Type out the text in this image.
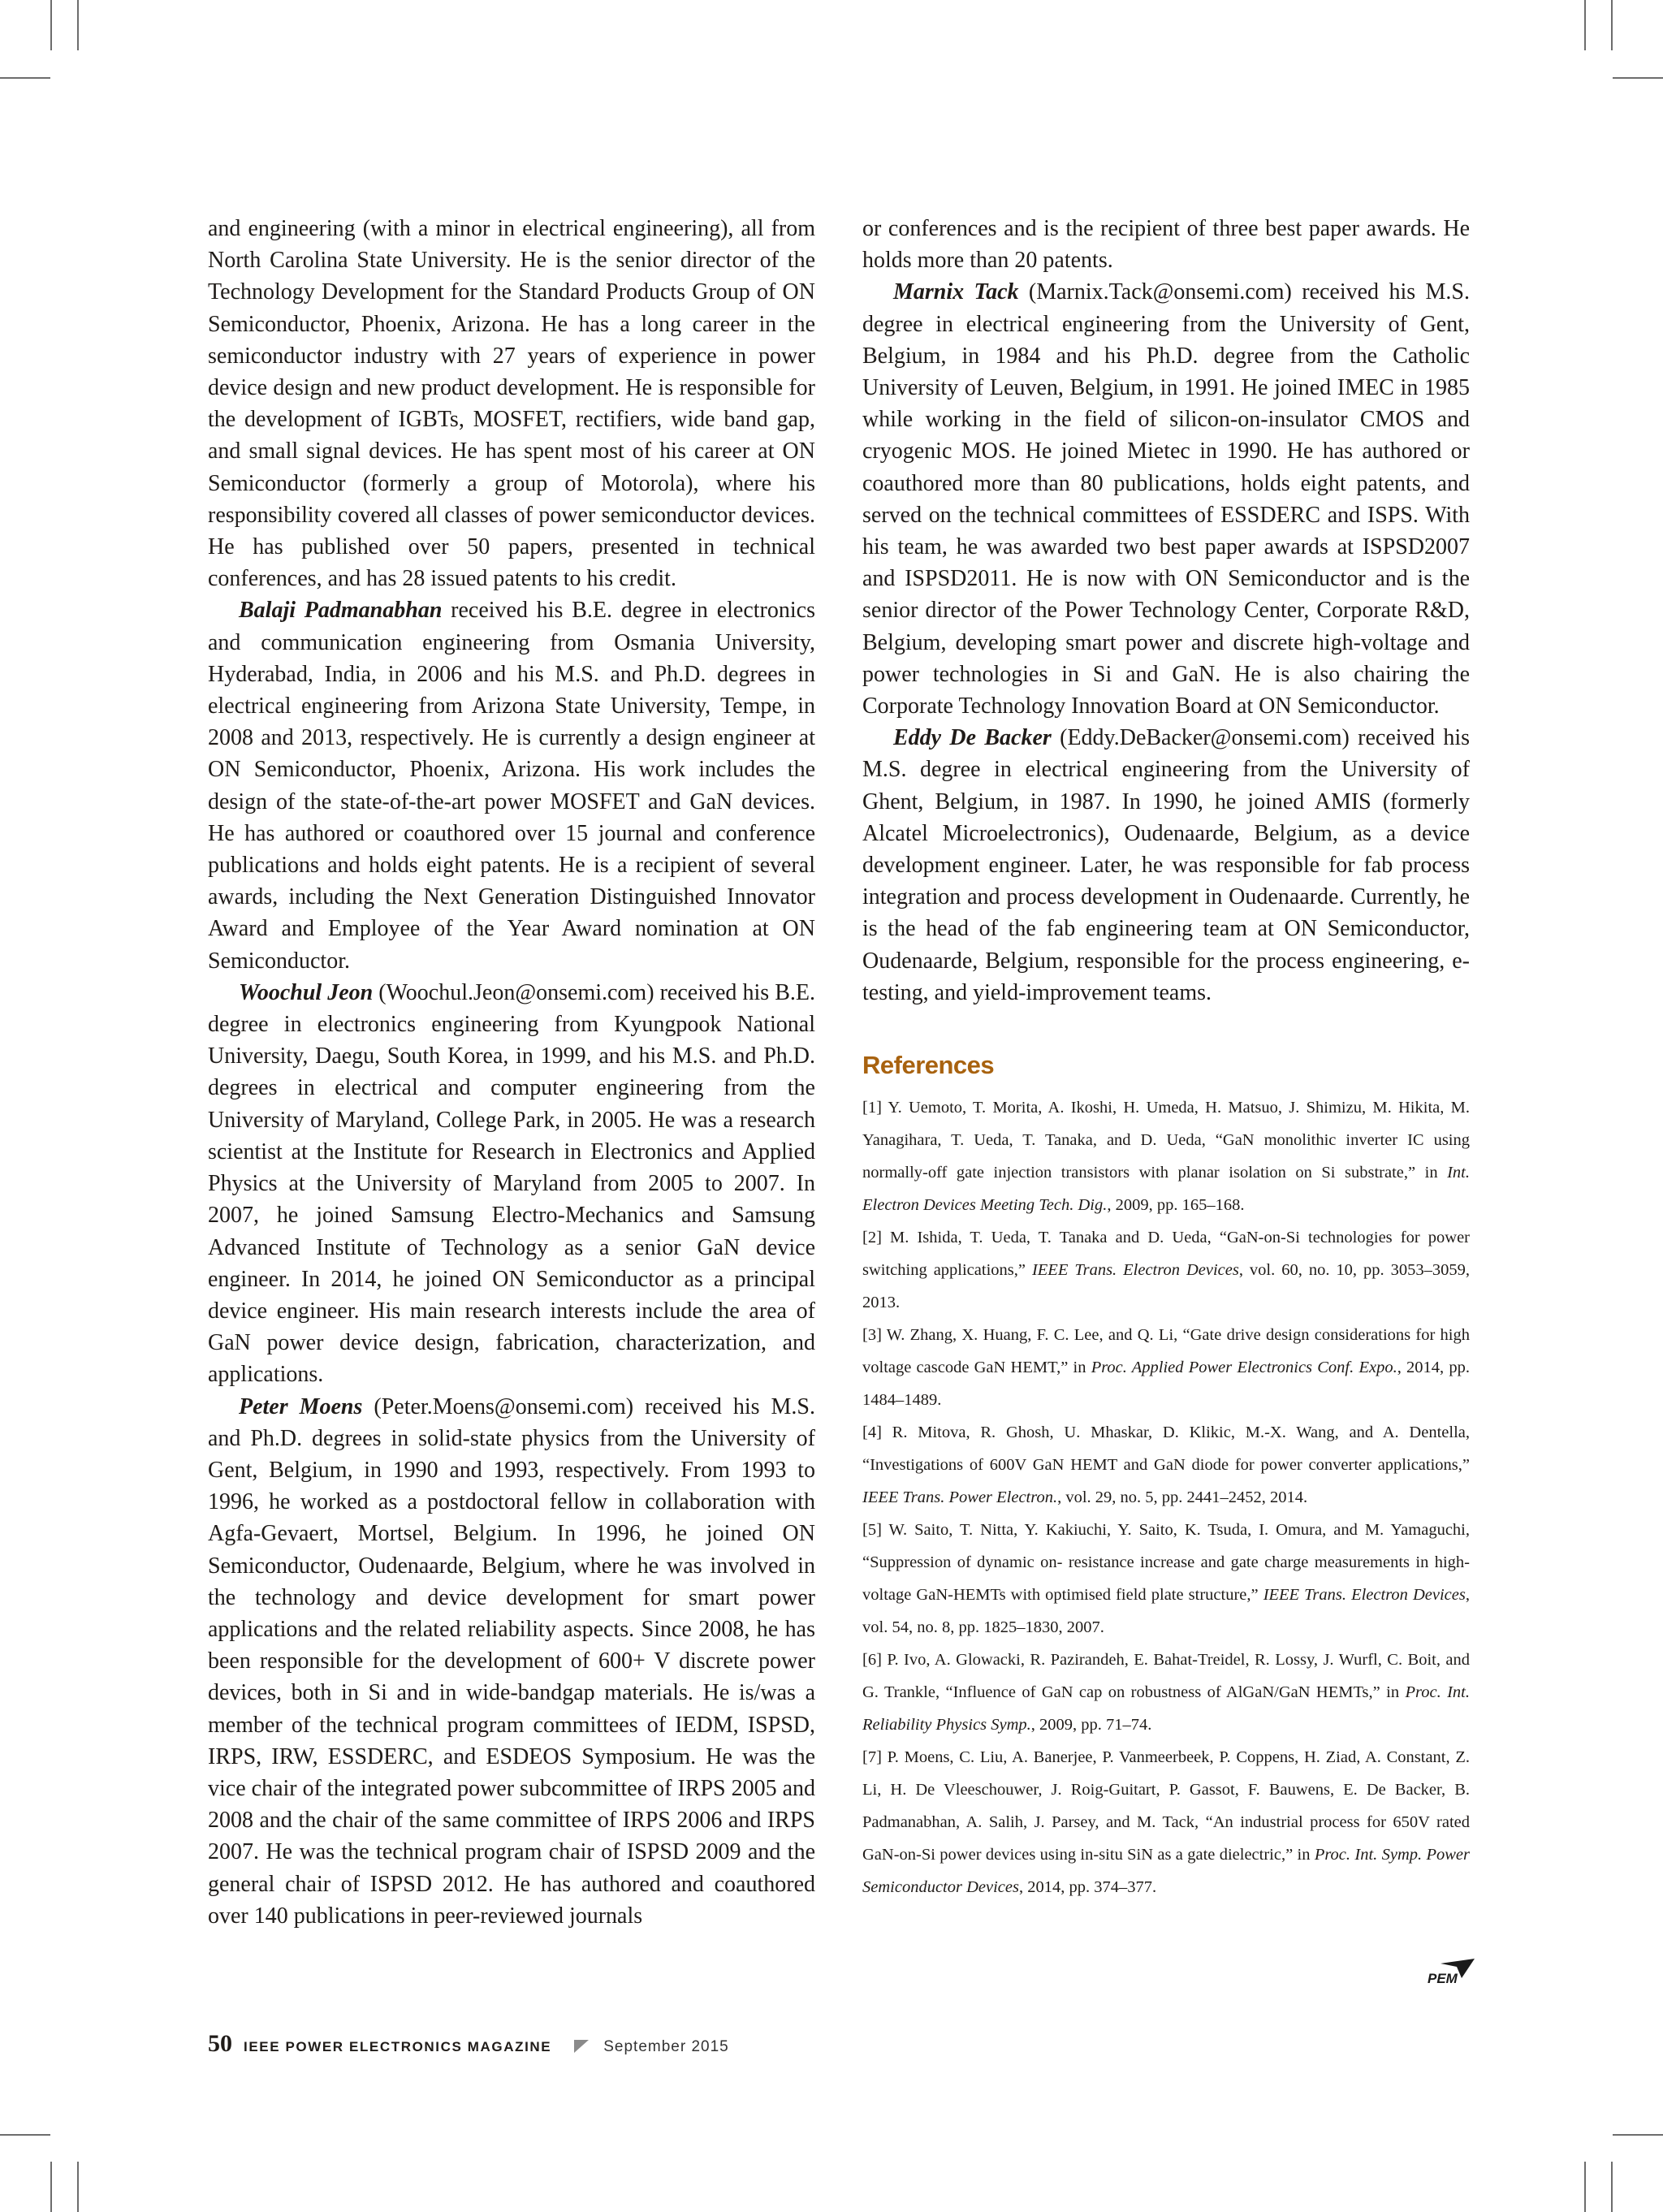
and engineering (with a minor in electrical engineering), all from North Carolina State University. He is the senior director of the Technology Development for the Standard Products Group of ON Semiconductor, Phoenix, Arizona. He has a long career in the semiconductor industry with 27 years of experience in power device design and new product development. He is responsible for the development of IGBTs, MOSFET, rectifiers, wide band gap, and small signal devices. He has spent most of his career at ON Semiconductor (formerly a group of Motorola), where his responsibility covered all classes of power semiconductor devices. He has published over 50 papers, presented in technical conferences, and has 28 issued patents to his credit.

Balaji Padmanabhan received his B.E. degree in electronics and communication engineering from Osmania University, Hyderabad, India, in 2006 and his M.S. and Ph.D. degrees in electrical engineering from Arizona State University, Tempe, in 2008 and 2013, respectively. He is currently a design engineer at ON Semiconductor, Phoenix, Arizona. His work includes the design of the state-of-the-art power MOSFET and GaN devices. He has authored or coauthored over 15 journal and conference publications and holds eight patents. He is a recipient of several awards, including the Next Generation Distinguished Innovator Award and Employee of the Year Award nomination at ON Semiconductor.

Woochul Jeon (Woochul.Jeon@onsemi.com) received his B.E. degree in electronics engineering from Kyungpook National University, Daegu, South Korea, in 1999, and his M.S. and Ph.D. degrees in electrical and computer engineering from the University of Maryland, College Park, in 2005. He was a research scientist at the Institute for Research in Electronics and Applied Physics at the University of Maryland from 2005 to 2007. In 2007, he joined Samsung Electro-Mechanics and Samsung Advanced Institute of Technology as a senior GaN device engineer. In 2014, he joined ON Semiconductor as a principal device engineer. His main research interests include the area of GaN power device design, fabrication, characterization, and applications.

Peter Moens (Peter.Moens@onsemi.com) received his M.S. and Ph.D. degrees in solid-state physics from the University of Gent, Belgium, in 1990 and 1993, respectively. From 1993 to 1996, he worked as a postdoctoral fellow in collaboration with Agfa-Gevaert, Mortsel, Belgium. In 1996, he joined ON Semiconductor, Oudenaarde, Belgium, where he was involved in the technology and device development for smart power applications and the related reliability aspects. Since 2008, he has been responsible for the development of 600+ V discrete power devices, both in Si and in wide-bandgap materials. He is/was a member of the technical program committees of IEDM, ISPSD, IRPS, IRW, ESSDERC, and ESDEOS Symposium. He was the vice chair of the integrated power subcommittee of IRPS 2005 and 2008 and the chair of the same committee of IRPS 2006 and IRPS 2007. He was the technical program chair of ISPSD 2009 and the general chair of ISPSD 2012. He has authored and coauthored over 140 publications in peer-reviewed journals

or conferences and is the recipient of three best paper awards. He holds more than 20 patents.

Marnix Tack (Marnix.Tack@onsemi.com) received his M.S. degree in electrical engineering from the University of Gent, Belgium, in 1984 and his Ph.D. degree from the Catholic University of Leuven, Belgium, in 1991. He joined IMEC in 1985 while working in the field of silicon-on-insulator CMOS and cryogenic MOS. He joined Mietec in 1990. He has authored or coauthored more than 80 publications, holds eight patents, and served on the technical committees of ESSDERC and ISPS. With his team, he was awarded two best paper awards at ISPSD2007 and ISPSD2011. He is now with ON Semiconductor and is the senior director of the Power Technology Center, Corporate R&D, Belgium, developing smart power and discrete high-voltage and power technologies in Si and GaN. He is also chairing the Corporate Technology Innovation Board at ON Semiconductor.

Eddy De Backer (Eddy.DeBacker@onsemi.com) received his M.S. degree in electrical engineering from the University of Ghent, Belgium, in 1987. In 1990, he joined AMIS (formerly Alcatel Microelectronics), Oudenaarde, Belgium, as a device development engineer. Later, he was responsible for fab process integration and process development in Oudenaarde. Currently, he is the head of the fab engineering team at ON Semiconductor, Oudenaarde, Belgium, responsible for the process engineering, e-testing, and yield-improvement teams.

References

[1] Y. Uemoto, T. Morita, A. Ikoshi, H. Umeda, H. Matsuo, J. Shimizu, M. Hikita, M. Yanagihara, T. Ueda, T. Tanaka, and D. Ueda, “GaN monolithic inverter IC using normally-off gate injection transistors with planar isolation on Si substrate,” in Int. Electron Devices Meeting Tech. Dig., 2009, pp. 165–168.

[2] M. Ishida, T. Ueda, T. Tanaka and D. Ueda, “GaN-on-Si technologies for power switching applications,” IEEE Trans. Electron Devices, vol. 60, no. 10, pp. 3053–3059, 2013.

[3] W. Zhang, X. Huang, F. C. Lee, and Q. Li, “Gate drive design considerations for high voltage cascode GaN HEMT,” in Proc. Applied Power Electronics Conf. Expo., 2014, pp. 1484–1489.

[4] R. Mitova, R. Ghosh, U. Mhaskar, D. Klikic, M.-X. Wang, and A. Dentella, “Investigations of 600V GaN HEMT and GaN diode for power converter applications,” IEEE Trans. Power Electron., vol. 29, no. 5, pp. 2441–2452, 2014.

[5] W. Saito, T. Nitta, Y. Kakiuchi, Y. Saito, K. Tsuda, I. Omura, and M. Yamaguchi, “Suppression of dynamic on- resistance increase and gate charge measurements in high-voltage GaN-HEMTs with optimised field plate structure,” IEEE Trans. Electron Devices, vol. 54, no. 8, pp. 1825–1830, 2007.

[6] P. Ivo, A. Glowacki, R. Pazirandeh, E. Bahat-Treidel, R. Lossy, J. Wurfl, C. Boit, and G. Trankle, “Influence of GaN cap on robustness of AlGaN/GaN HEMTs,” in Proc. Int. Reliability Physics Symp., 2009, pp. 71–74.

[7] P. Moens, C. Liu, A. Banerjee, P. Vanmeerbeek, P. Coppens, H. Ziad, A. Constant, Z. Li, H. De Vleeschouwer, J. Roig-Guitart, P. Gassot, F. Bauwens, E. De Backer, B. Padmanabhan, A. Salih, J. Parsey, and M. Tack, “An industrial process for 650V rated GaN-on-Si power devices using in-situ SiN as a gate dielectric,” in Proc. Int. Symp. Power Semiconductor Devices, 2014, pp. 374–377.

PEM
50 IEEE POWER ELECTRONICS MAGAZINE	September 2015
